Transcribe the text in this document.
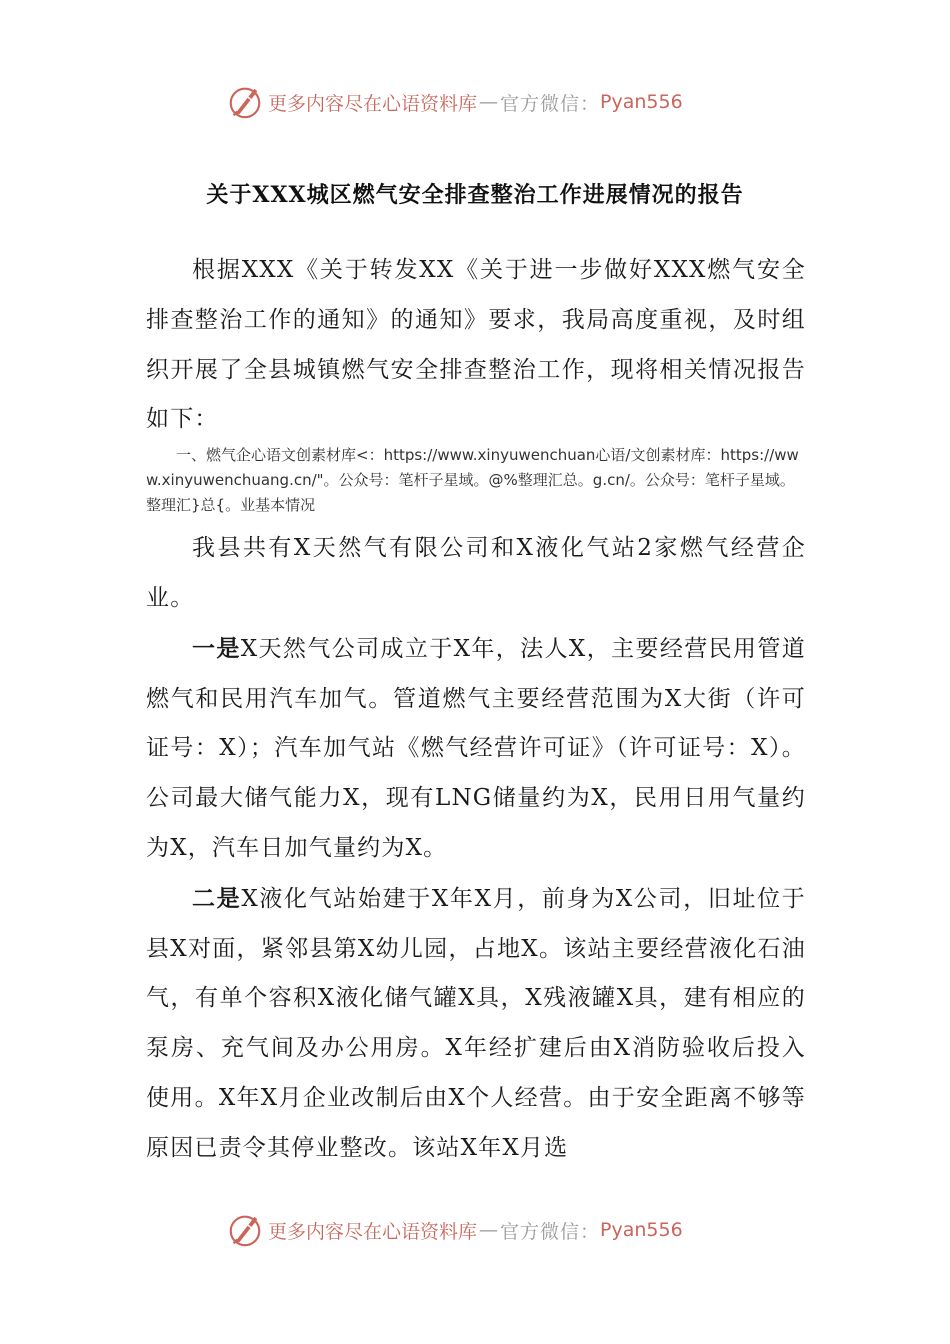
更多内容尽在心语资料库 — 官方微信： Pyan556
关于XXX城区燃气安全排查整治工作进展情况的报告

根据XXX《关于转发XX《关于进一步做好XXX燃气安全排查整治工作的通知》的通知》要求，我局高度重视，及时组织开展了全县城镇燃气安全排查整治工作，现将相关情况报告如下：

一、燃气企心语文创素材库<：https://www.xinyuwenchuan心语/文创素材库：https://www.xinyuwenchuang.cn/"。公众号：笔杆子星域。@%整理汇总。g.cn/。公众号：笔杆子星域。整理汇}总{。业基本情况

我县共有X天然气有限公司和X液化气站2家燃气经营企业。

一是X天然气公司成立于X年，法人X，主要经营民用管道燃气和民用汽车加气。管道燃气主要经营范围为X大街（许可证号：X）；汽车加气站《燃气经营许可证》（许可证号：X）。公司最大储气能力X，现有LNG储量约为X，民用日用气量约为X，汽车日加气量约为X。

二是X液化气站始建于X年X月，前身为X公司，旧址位于县X对面，紧邻县第X幼儿园，占地X。该站主要经营液化石油气，有单个容积X液化储气罐X具，X残液罐X具，建有相应的泵房、充气间及办公用房。X年经扩建后由X消防验收后投入使用。X年X月企业改制后由X个人经营。由于安全距离不够等原因已责令其停业整改。该站X年X月选

更多内容尽在心语资料库 — 官方微信： Pyan556
